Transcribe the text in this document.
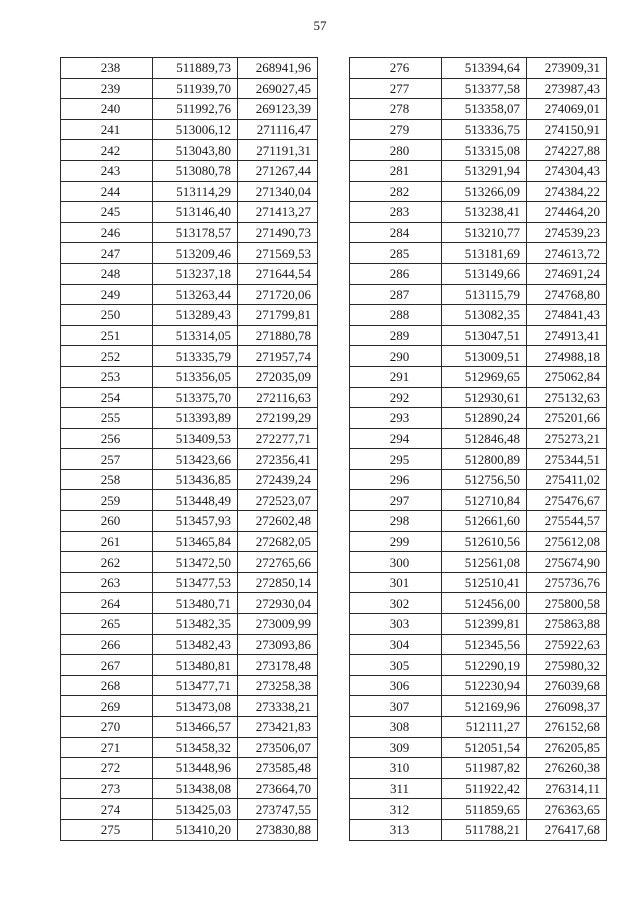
57
238	511889,73	268941,96
239	511939,70	269027,45
240	511992,76	269123,39
241	513006,12	271116,47
242	513043,80	271191,31
243	513080,78	271267,44
244	513114,29	271340,04
245	513146,40	271413,27
246	513178,57	271490,73
247	513209,46	271569,53
248	513237,18	271644,54
249	513263,44	271720,06
250	513289,43	271799,81
251	513314,05	271880,78
252	513335,79	271957,74
253	513356,05	272035,09
254	513375,70	272116,63
255	513393,89	272199,29
256	513409,53	272277,71
257	513423,66	272356,41
258	513436,85	272439,24
259	513448,49	272523,07
260	513457,93	272602,48
261	513465,84	272682,05
262	513472,50	272765,66
263	513477,53	272850,14
264	513480,71	272930,04
265	513482,35	273009,99
266	513482,43	273093,86
267	513480,81	273178,48
268	513477,71	273258,38
269	513473,08	273338,21
270	513466,57	273421,83
271	513458,32	273506,07
272	513448,96	273585,48
273	513438,08	273664,70
274	513425,03	273747,55
275	513410,20	273830,88
276	513394,64	273909,31
277	513377,58	273987,43
278	513358,07	274069,01
279	513336,75	274150,91
280	513315,08	274227,88
281	513291,94	274304,43
282	513266,09	274384,22
283	513238,41	274464,20
284	513210,77	274539,23
285	513181,69	274613,72
286	513149,66	274691,24
287	513115,79	274768,80
288	513082,35	274841,43
289	513047,51	274913,41
290	513009,51	274988,18
291	512969,65	275062,84
292	512930,61	275132,63
293	512890,24	275201,66
294	512846,48	275273,21
295	512800,89	275344,51
296	512756,50	275411,02
297	512710,84	275476,67
298	512661,60	275544,57
299	512610,56	275612,08
300	512561,08	275674,90
301	512510,41	275736,76
302	512456,00	275800,58
303	512399,81	275863,88
304	512345,56	275922,63
305	512290,19	275980,32
306	512230,94	276039,68
307	512169,96	276098,37
308	512111,27	276152,68
309	512051,54	276205,85
310	511987,82	276260,38
311	511922,42	276314,11
312	511859,65	276363,65
313	511788,21	276417,68
